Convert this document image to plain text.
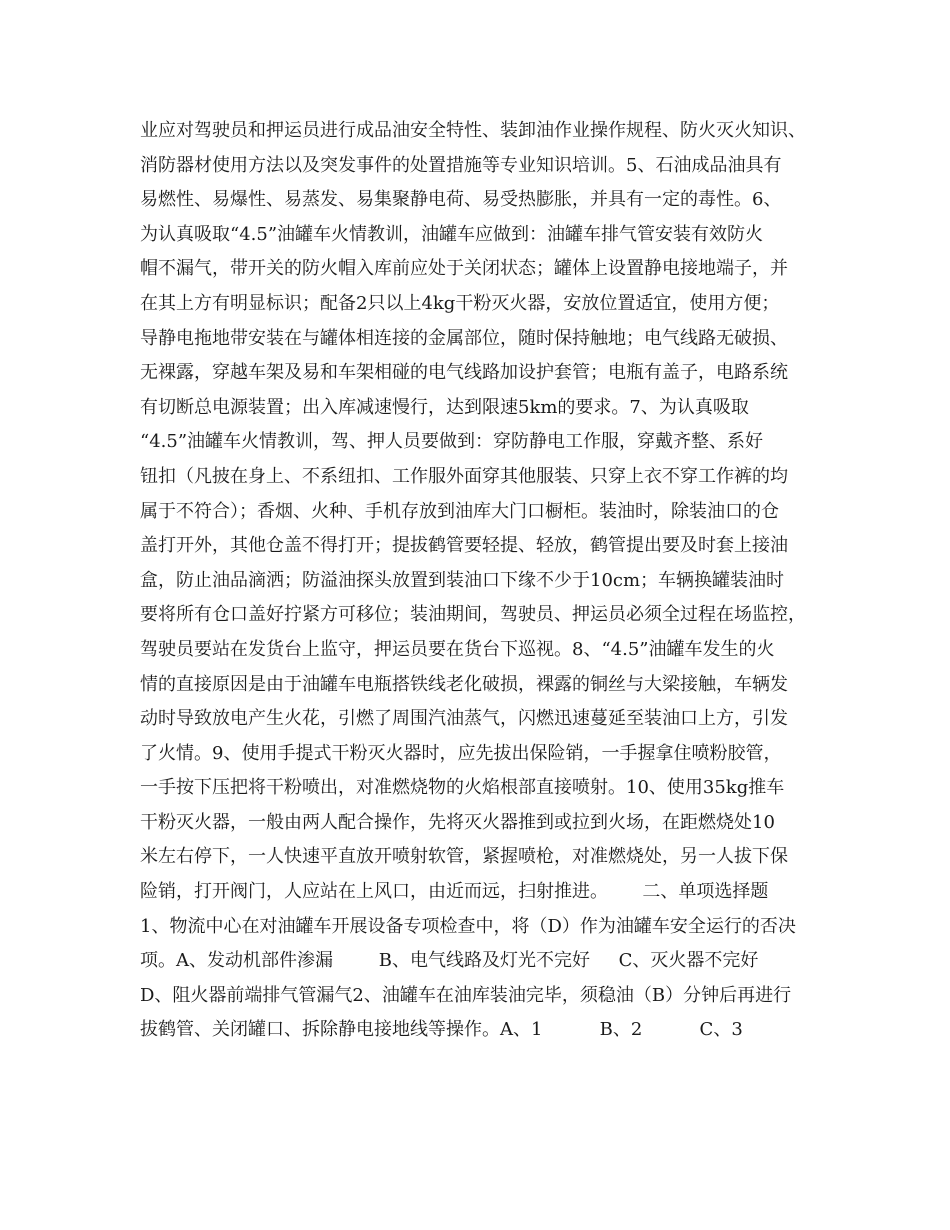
业应对驾驶员和押运员进行成品油安全特性、装卸油作业操作规程、防火灭火知识、
消防器材使用方法以及突发事件的处置措施等专业知识培训。5、石油成品油具有
易燃性、易爆性、易蒸发、易集聚静电荷、易受热膨胀，并具有一定的毒性。6、
为认真吸取“4.5”油罐车火情教训，油罐车应做到：油罐车排气管安装有效防火
帽不漏气，带开关的防火帽入库前应处于关闭状态；罐体上设置静电接地端子，并
在其上方有明显标识；配备2只以上4kg干粉灭火器，安放位置适宜，使用方便；
导静电拖地带安装在与罐体相连接的金属部位，随时保持触地；电气线路无破损、
无裸露，穿越车架及易和车架相碰的电气线路加设护套管；电瓶有盖子，电路系统
有切断总电源装置；出入库减速慢行，达到限速5km的要求。7、为认真吸取
“4.5”油罐车火情教训，驾、押人员要做到：穿防静电工作服，穿戴齐整、系好
钮扣（凡披在身上、不系纽扣、工作服外面穿其他服装、只穿上衣不穿工作裤的均
属于不符合）；香烟、火种、手机存放到油库大门口橱柜。装油时，除装油口的仓
盖打开外，其他仓盖不得打开；提拔鹤管要轻提、轻放，鹤管提出要及时套上接油
盒，防止油品滴洒；防溢油探头放置到装油口下缘不少于10cm；车辆换罐装油时
要将所有仓口盖好拧紧方可移位；装油期间，驾驶员、押运员必须全过程在场监控，
驾驶员要站在发货台上监守，押运员要在货台下巡视。8、“4.5”油罐车发生的火
情的直接原因是由于油罐车电瓶搭铁线老化破损，裸露的铜丝与大梁接触，车辆发
动时导致放电产生火花，引燃了周围汽油蒸气，闪燃迅速蔓延至装油口上方，引发
了火情。9、使用手提式干粉灭火器时，应先拔出保险销，一手握拿住喷粉胶管，
一手按下压把将干粉喷出，对准燃烧物的火焰根部直接喷射。10、使用35kg推车
干粉灭火器，一般由两人配合操作，先将灭火器推到或拉到火场，在距燃烧处10
米左右停下，一人快速平直放开喷射软管，紧握喷枪，对准燃烧处，另一人拔下保
险销，打开阀门，人应站在上风口，由近而远，扫射推进。      二、单项选择题
1、物流中心在对油罐车开展设备专项检查中，将（D）作为油罐车安全运行的否决
项。A、发动机部件渗漏        B、电气线路及灯光不完好     C、灭火器不完好
D、阻火器前端排气管漏气2、油罐车在油库装油完毕，须稳油（B）分钟后再进行
拔鹤管、关闭罐口、拆除静电接地线等操作。A、1          B、2          C、3
